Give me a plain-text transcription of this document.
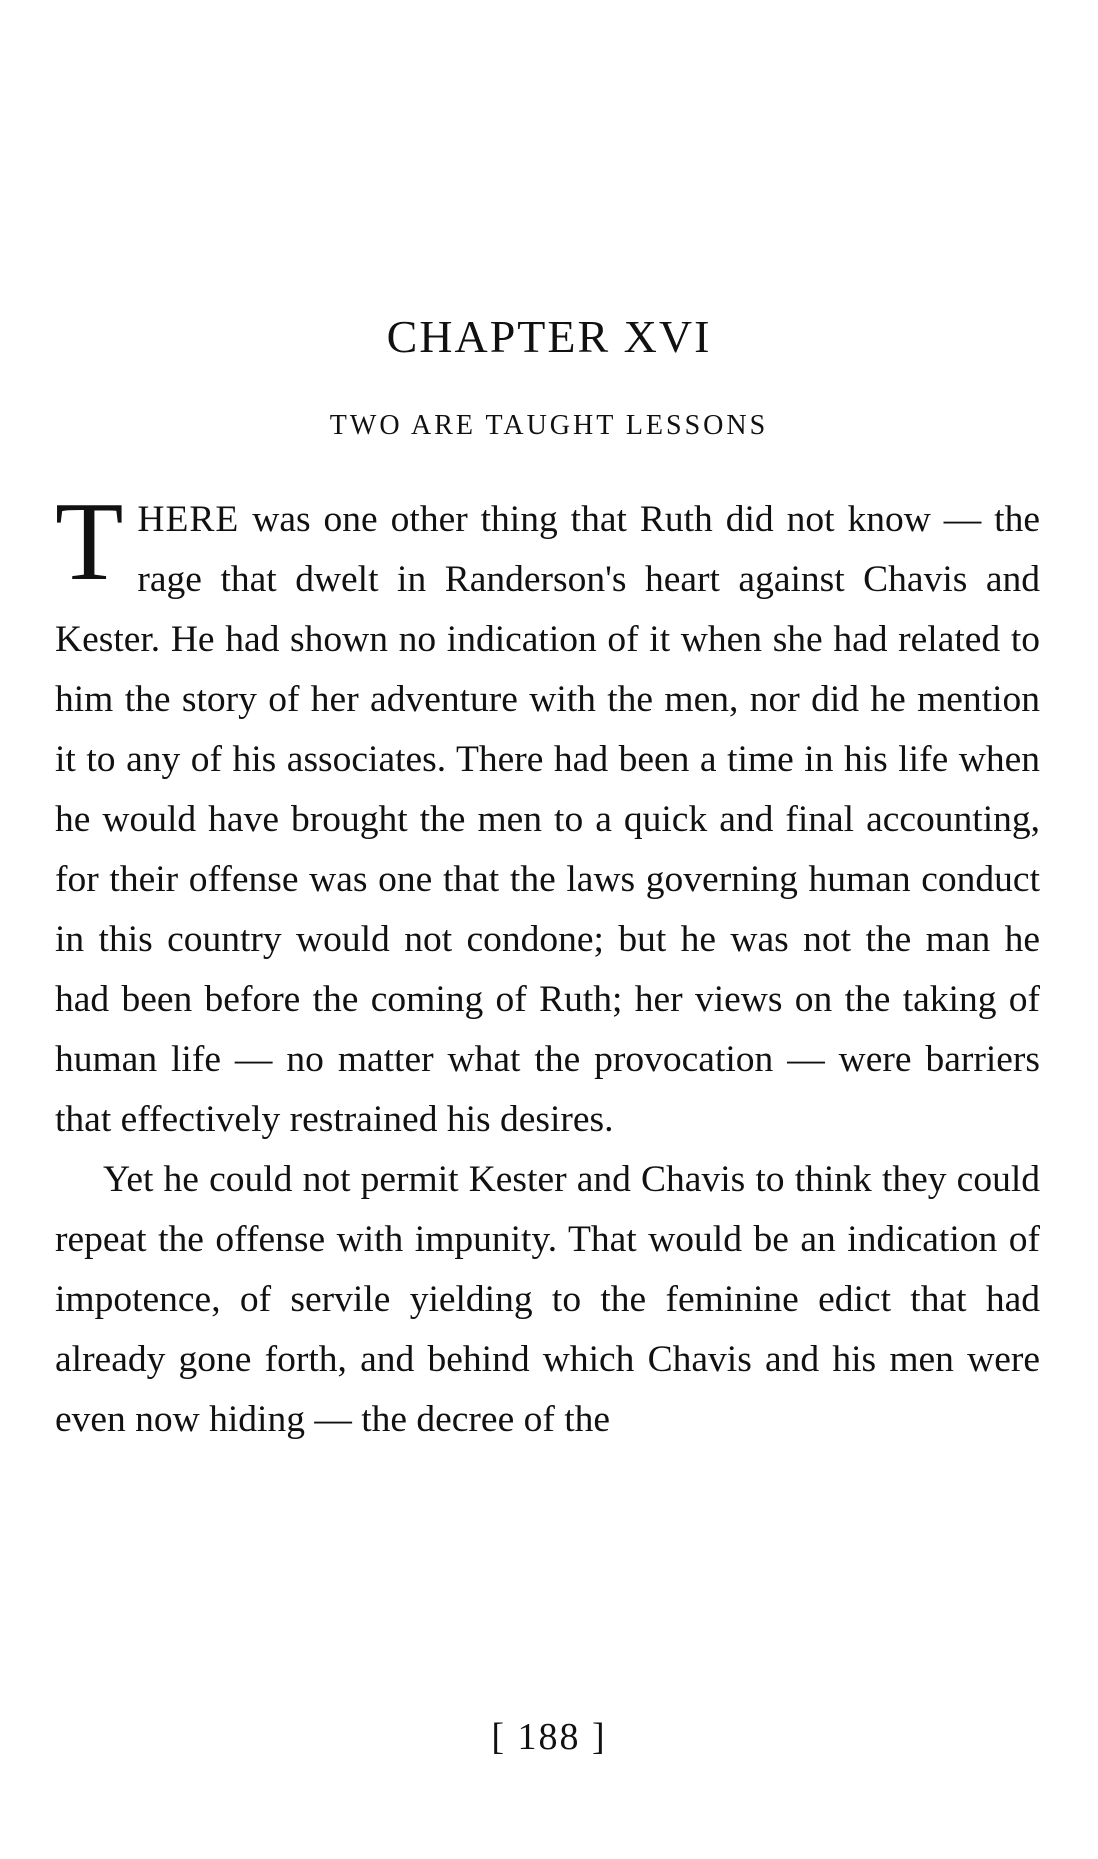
CHAPTER XVI
TWO ARE TAUGHT LESSONS

THERE was one other thing that Ruth did not know — the rage that dwelt in Randerson's heart against Chavis and Kester. He had shown no indication of it when she had related to him the story of her adventure with the men, nor did he mention it to any of his associates. There had been a time in his life when he would have brought the men to a quick and final accounting, for their offense was one that the laws governing human conduct in this country would not condone; but he was not the man he had been before the coming of Ruth; her views on the taking of human life — no matter what the provocation — were barriers that effectively restrained his desires.

Yet he could not permit Kester and Chavis to think they could repeat the offense with impunity. That would be an indication of impotence, of servile yielding to the feminine edict that had already gone forth, and behind which Chavis and his men were even now hiding — the decree of the

[ 188 ]
